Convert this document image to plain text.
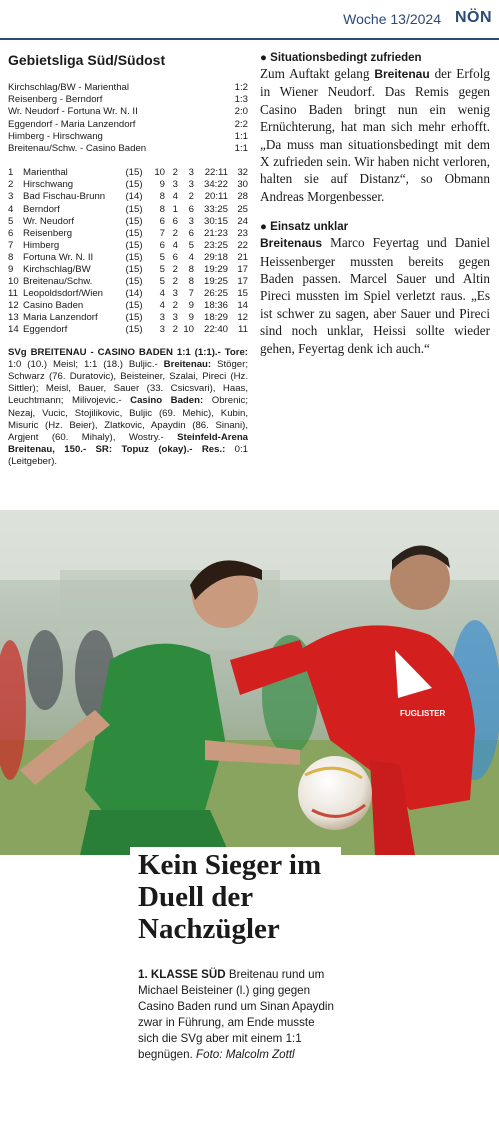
Woche 13/2024 NÖN
Gebietsliga Süd/Südost
Kirchschlag/BW - Marienthal	1:2
Reisenberg - Berndorf	1:3
Wr. Neudorf - Fortuna Wr. N. II	2:0
Eggendorf - Maria Lanzendorf	2:2
Himberg - Hirschwang	1:1
Breitenau/Schw. - Casino Baden	1:1
1	Marienthal	(15)	10	2	3	22:11	32
2	Hirschwang	(15)	9	3	3	34:22	30
3	Bad Fischau-Brunn	(14)	8	4	2	20:11	28
4	Berndorf	(15)	8	1	6	33:25	25
5	Wr. Neudorf	(15)	6	6	3	30:15	24
6	Reisenberg	(15)	7	2	6	21:23	23
7	Himberg	(15)	6	4	5	23:25	22
8	Fortuna Wr. N. II	(15)	5	6	4	29:18	21
9	Kirchschlag/BW	(15)	5	2	8	19:29	17
10	Breitenau/Schw.	(15)	5	2	8	19:25	17
11	Leopoldsdorf/Wien	(14)	4	3	7	26:25	15
12	Casino Baden	(15)	4	2	9	18:36	14
13	Maria Lanzendorf	(15)	3	3	9	18:29	12
14	Eggendorf	(15)	3	2	10	22:40	11
SVg BREITENAU - CASINO BADEN 1:1 (1:1).- Tore: 1:0 (10.) Meisl; 1:1 (18.) Buljic.- Breitenau: Stöger; Schwarz (76. Duratovic), Beisteiner, Szalai, Pireci (Hz. Sittler); Meisl, Bauer, Sauer (33. Csicsvari), Haas, Leuchtmann; Milivojevic.- Casino Baden: Obrenic; Nezaj, Vucic, Stojilikovic, Buljic (69. Mehic), Kubin, Misuric (Hz. Beier), Zlatkovic, Apaydin (86. Sinani), Argjent (60. Mihaly), Wostry.- Steinfeld-Arena Breitenau, 150.- SR: Topuz (okay).- Res.: 0:1 (Leitgeber).
● Situationsbedingt zufrieden
Zum Auftakt gelang Breitenau der Erfolg in Wiener Neudorf. Das Remis gegen Casino Baden bringt nun ein wenig Ernüchterung, hat man sich mehr erhofft. „Da muss man situationsbedingt mit dem X zufrieden sein. Wir haben nicht verloren, halten sie auf Distanz“, so Obmann Andreas Morgenbesser.
● Einsatz unklar
Breitenaus Marco Feyertag und Daniel Heissenberger mussten bereits gegen Baden passen. Marcel Sauer und Altin Pireci mussten im Spiel verletzt raus. „Es ist schwer zu sagen, aber Sauer und Pireci sind noch unklar, Heissi sollte wieder gehen, Feyertag denk ich auch.“
FUGLISTER
Kein Sieger im Duell der Nachzügler
1. KLASSE SÜD Breitenau rund um Michael Beisteiner (l.) ging gegen Casino Baden rund um Sinan Apaydin zwar in Führung, am Ende musste sich die SVg aber mit einem 1:1 begnügen. Foto: Malcolm Zottl
